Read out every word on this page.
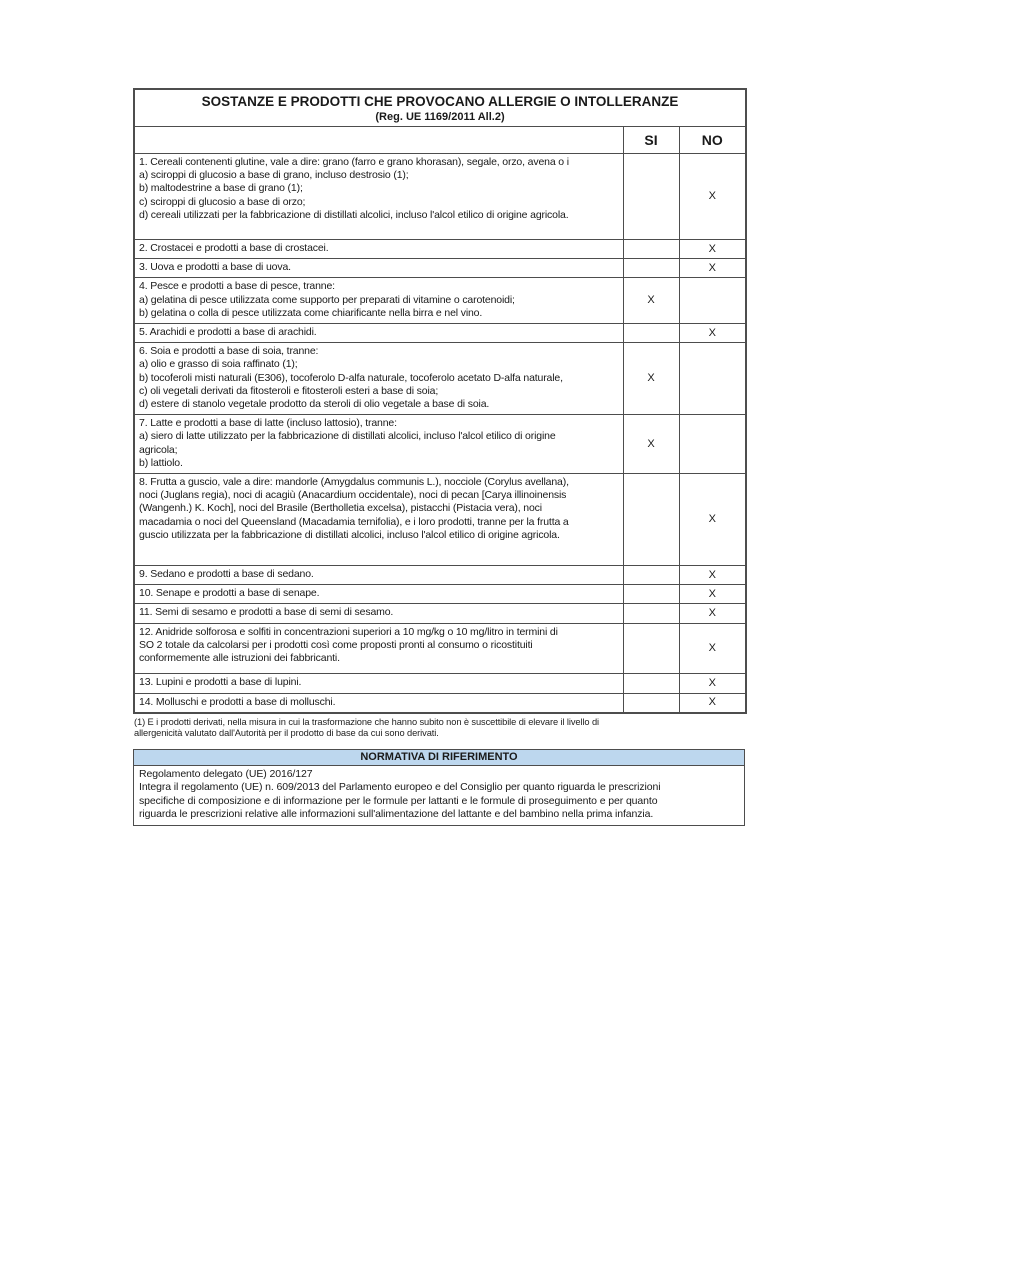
SOSTANZE E PRODOTTI CHE PROVOCANO ALLERGIE O INTOLLERANZE
(Reg. UE 1169/2011 All.2)		

	SI	NO

1. Cereali contenenti glutine, vale a dire: grano (farro e grano khorasan), segale, orzo, avena o i
a) sciroppi di glucosio a base di grano, incluso destrosio (1);
b) maltodestrine a base di grano (1);
c) sciroppi di glucosio a base di orzo;
d) cereali utilizzati per la fabbricazione di distillati alcolici, incluso l'alcol etilico di origine agricola.		X

2. Crostacei e prodotti a base di crostacei.		X

3. Uova e prodotti a base di uova.		X

4. Pesce e prodotti a base di pesce, tranne:
a) gelatina di pesce utilizzata come supporto per preparati di vitamine o carotenoidi;
b) gelatina o colla di pesce utilizzata come chiarificante nella birra e nel vino.	X	

5. Arachidi e prodotti a base di arachidi.		X

6. Soia e prodotti a base di soia, tranne:
a) olio e grasso di soia raffinato (1);
b) tocoferoli misti naturali (E306), tocoferolo D-alfa naturale, tocoferolo acetato D-alfa naturale,
c) oli vegetali derivati da fitosteroli e fitosteroli esteri a base di soia;
d) estere di stanolo vegetale prodotto da steroli di olio vegetale a base di soia.	X	

7. Latte e prodotti a base di latte (incluso lattosio), tranne:
a) siero di latte utilizzato per la fabbricazione di distillati alcolici, incluso l'alcol etilico di origine
agricola;
b) lattiolo.	X	

8. Frutta a guscio, vale a dire: mandorle (Amygdalus communis L.), nocciole (Corylus avellana),
noci (Juglans regia), noci di acagiù (Anacardium occidentale), noci di pecan [Carya illinoinensis
(Wangenh.) K. Koch], noci del Brasile (Bertholletia excelsa), pistacchi (Pistacia vera), noci
macadamia o noci del Queensland (Macadamia ternifolia), e i loro prodotti, tranne per la frutta a
guscio utilizzata per la fabbricazione di distillati alcolici, incluso l'alcol etilico di origine agricola.		X

9. Sedano e prodotti a base di sedano.		X

10. Senape e prodotti a base di senape.		X

11. Semi di sesamo e prodotti a base di semi di sesamo.		X

12. Anidride solforosa e solfiti in concentrazioni superiori a 10 mg/kg o 10 mg/litro in termini di
SO 2 totale da calcolarsi per i prodotti così come proposti pronti al consumo o ricostituiti
conformemente alle istruzioni dei fabbricanti.		X

13. Lupini e prodotti a base di lupini.		X

14. Molluschi e prodotti a base di molluschi.		X
(1) E i prodotti derivati, nella misura in cui la trasformazione che hanno subito non è suscettibile di elevare il livello di
allergenicità valutato dall'Autorità per il prodotto di base da cui sono derivati.
NORMATIVA DI RIFERIMENTO
Regolamento delegato (UE) 2016/127
Integra il regolamento (UE) n. 609/2013 del Parlamento europeo e del Consiglio per quanto riguarda le prescrizioni
specifiche di composizione e di informazione per le formule per lattanti e le formule di proseguimento e per quanto
riguarda le prescrizioni relative alle informazioni sull'alimentazione del lattante e del bambino nella prima infanzia.
